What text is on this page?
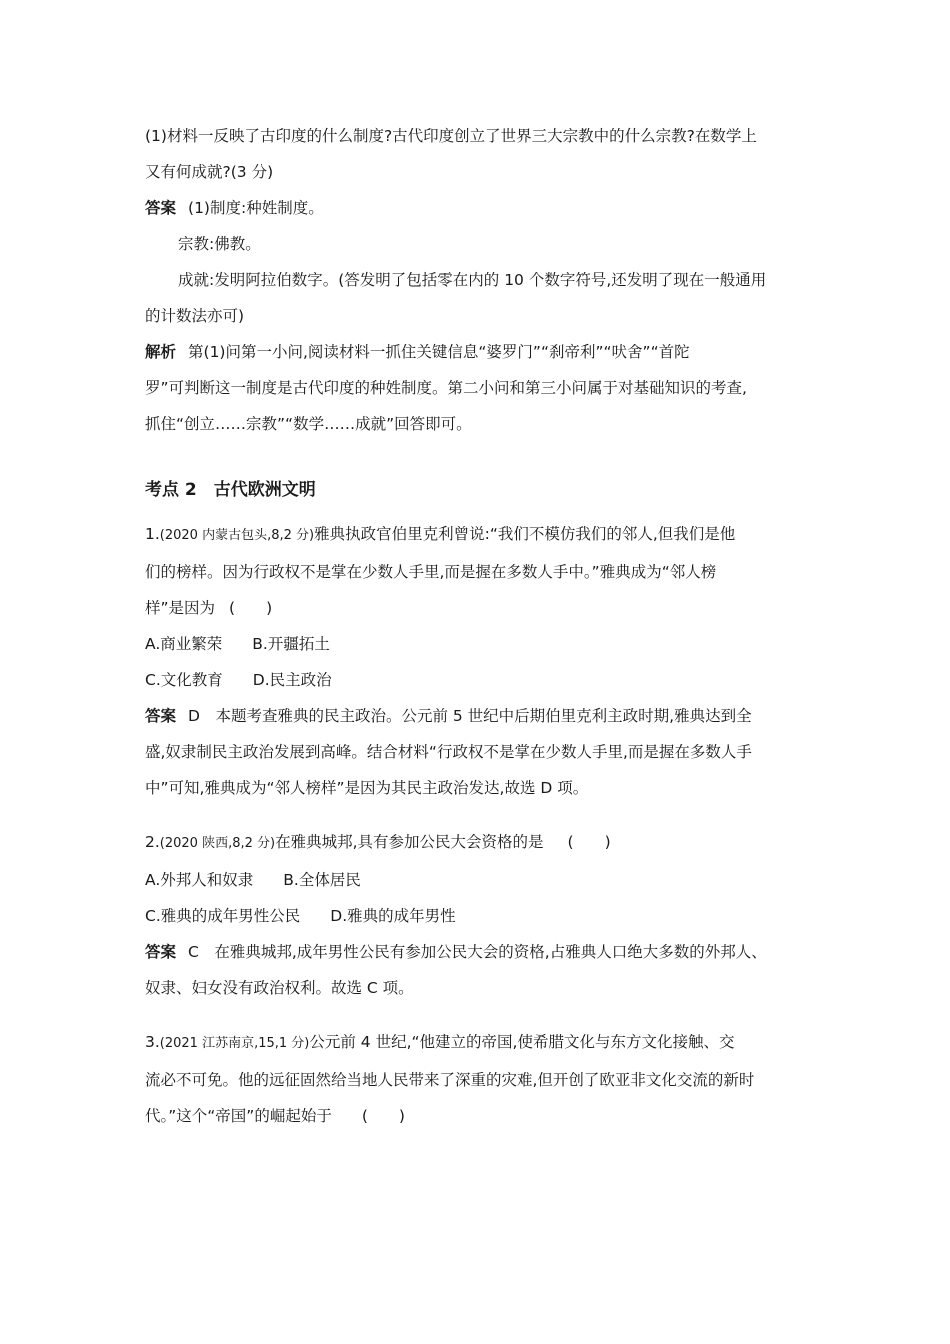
(1)材料一反映了古印度的什么制度?古代印度创立了世界三大宗教中的什么宗教?在数学上
又有何成就?(3 分)
答案 (1)制度:种姓制度。
宗教:佛教。
成就:发明阿拉伯数字。(答发明了包括零在内的 10 个数字符号,还发明了现在一般通用
的计数法亦可)
解析 第(1)问第一小问,阅读材料一抓住关键信息“婆罗门”“刹帝利”“吠舍”“首陀
罗”可判断这一制度是古代印度的种姓制度。第二小问和第三小问属于对基础知识的考查,
抓住“创立……宗教”“数学……成就”回答即可。
考点 2　古代欧洲文明
1.(2020 内蒙古包头,8,2 分)雅典执政官伯里克利曾说:“我们不模仿我们的邻人,但我们是他
们的榜样。因为行政权不是掌在少数人手里,而是握在多数人手中。”雅典成为“邻人榜
样”是因为 (　　)
A.商业繁荣 B.开疆拓土
C.文化教育 D.民主政治
答案 D　本题考查雅典的民主政治。公元前 5 世纪中后期伯里克利主政时期,雅典达到全
盛,奴隶制民主政治发展到高峰。结合材料“行政权不是掌在少数人手里,而是握在多数人手
中”可知,雅典成为“邻人榜样”是因为其民主政治发达,故选 D 项。
2.(2020 陕西,8,2 分)在雅典城邦,具有参加公民大会资格的是 (　　)
A.外邦人和奴隶 B.全体居民
C.雅典的成年男性公民 D.雅典的成年男性
答案 C　在雅典城邦,成年男性公民有参加公民大会的资格,占雅典人口绝大多数的外邦人、
奴隶、妇女没有政治权利。故选 C 项。
3.(2021 江苏南京,15,1 分)公元前 4 世纪,“他建立的帝国,使希腊文化与东方文化接触、交
流必不可免。他的远征固然给当地人民带来了深重的灾难,但开创了欧亚非文化交流的新时
代。”这个“帝国”的崛起始于 (　　)
